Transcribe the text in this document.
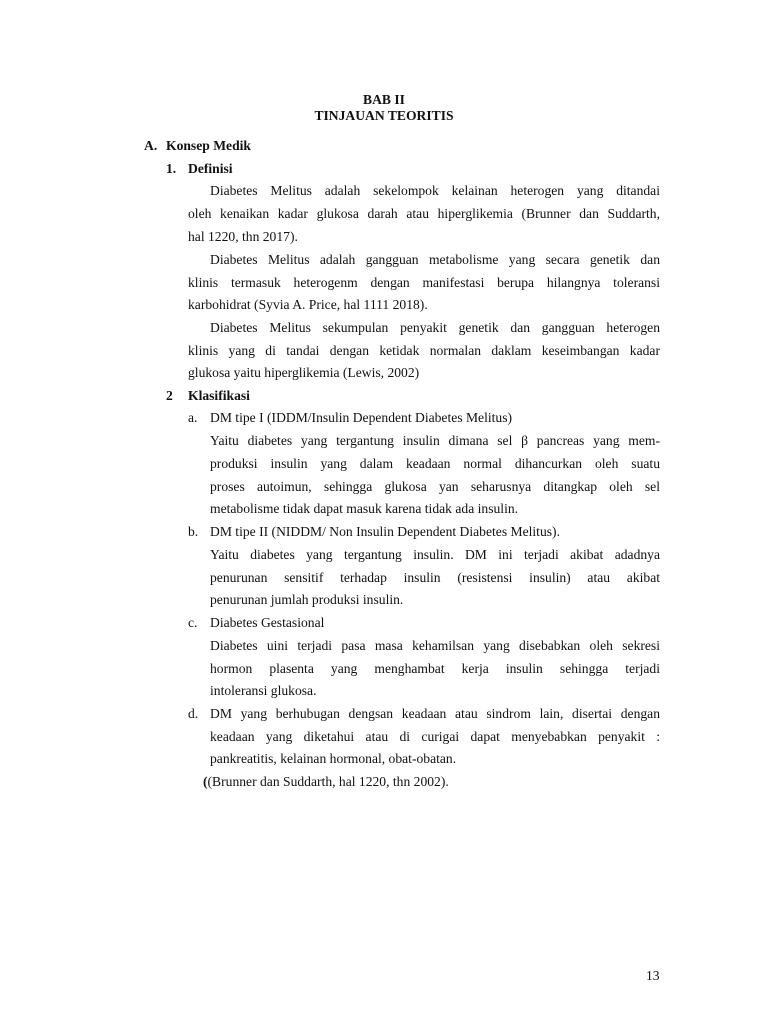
BAB II
TINJAUAN TEORITIS
A. Konsep Medik
1. Definisi
Diabetes Melitus adalah sekelompok kelainan heterogen yang ditandai
oleh kenaikan kadar glukosa darah atau hiperglikemia (Brunner dan Suddarth,
hal 1220, thn 2017).
Diabetes Melitus adalah gangguan metabolisme yang secara genetik dan
klinis termasuk heterogenm dengan manifestasi berupa hilangnya toleransi
karbohidrat (Syvia A. Price, hal 1111 2018).
Diabetes Melitus sekumpulan penyakit genetik dan gangguan heterogen
klinis yang di tandai dengan ketidak normalan daklam keseimbangan kadar
glukosa yaitu hiperglikemia (Lewis, 2002)
2 Klasifikasi
a. DM tipe I (IDDM/Insulin Dependent Diabetes Melitus)
Yaitu diabetes yang tergantung insulin dimana sel β pancreas yang mem-
produksi insulin yang dalam keadaan normal dihancurkan oleh suatu
proses autoimun, sehingga glukosa yan seharusnya ditangkap oleh sel
metabolisme tidak dapat masuk karena tidak ada insulin.
b. DM tipe II (NIDDM/ Non Insulin Dependent Diabetes Melitus).
Yaitu diabetes yang tergantung insulin. DM ini terjadi akibat adadnya
penurunan sensitif terhadap insulin (resistensi insulin) atau akibat
penurunan jumlah produksi insulin.
c. Diabetes Gestasional
Diabetes uini terjadi pasa masa kehamilsan yang disebabkan oleh sekresi
hormon plasenta yang menghambat kerja insulin sehingga terjadi
intoleransi glukosa.
d. DM yang berhubugan dengsan keadaan atau sindrom lain, disertai dengan
keadaan yang diketahui atau di curigai dapat menyebabkan penyakit :
pankreatitis, kelainan hormonal, obat-obatan.
((Brunner dan Suddarth, hal 1220, thn 2002).
13
